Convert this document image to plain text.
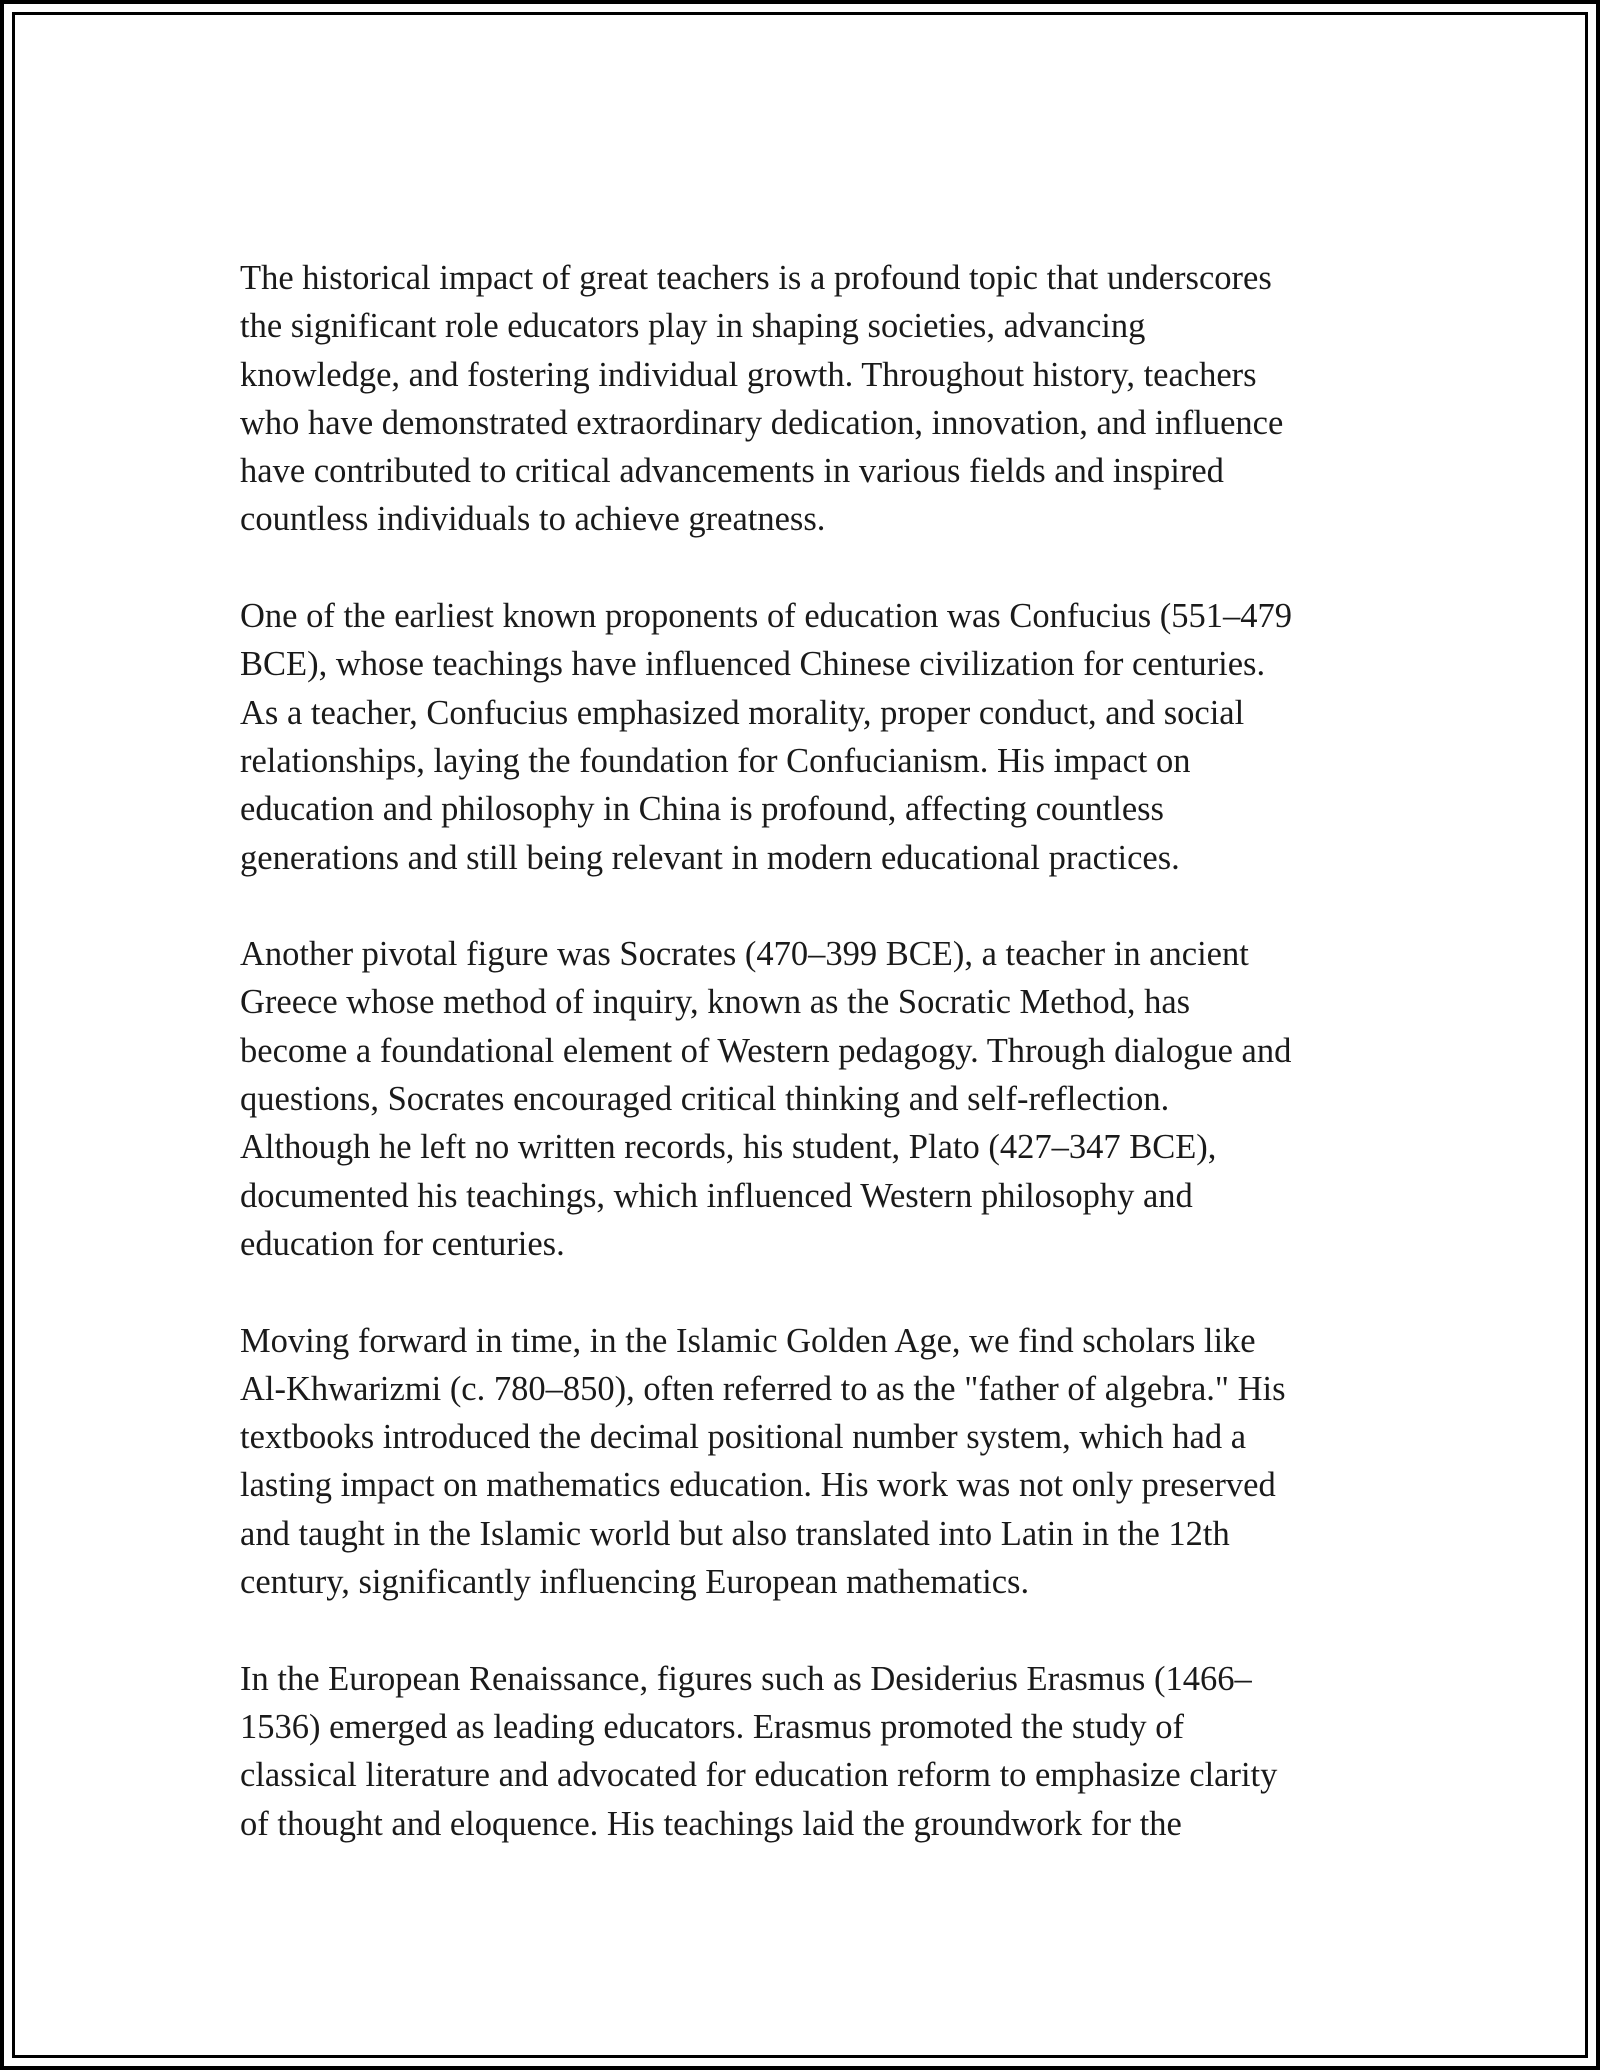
The historical impact of great teachers is a profound topic that underscores
the significant role educators play in shaping societies, advancing
knowledge, and fostering individual growth. Throughout history, teachers
who have demonstrated extraordinary dedication, innovation, and influence
have contributed to critical advancements in various fields and inspired
countless individuals to achieve greatness.

One of the earliest known proponents of education was Confucius (551–479
BCE), whose teachings have influenced Chinese civilization for centuries.
As a teacher, Confucius emphasized morality, proper conduct, and social
relationships, laying the foundation for Confucianism. His impact on
education and philosophy in China is profound, affecting countless
generations and still being relevant in modern educational practices.

Another pivotal figure was Socrates (470–399 BCE), a teacher in ancient
Greece whose method of inquiry, known as the Socratic Method, has
become a foundational element of Western pedagogy. Through dialogue and
questions, Socrates encouraged critical thinking and self-reflection.
Although he left no written records, his student, Plato (427–347 BCE),
documented his teachings, which influenced Western philosophy and
education for centuries.

Moving forward in time, in the Islamic Golden Age, we find scholars like
Al-Khwarizmi (c. 780–850), often referred to as the "father of algebra." His
textbooks introduced the decimal positional number system, which had a
lasting impact on mathematics education. His work was not only preserved
and taught in the Islamic world but also translated into Latin in the 12th
century, significantly influencing European mathematics.

In the European Renaissance, figures such as Desiderius Erasmus (1466–
1536) emerged as leading educators. Erasmus promoted the study of
classical literature and advocated for education reform to emphasize clarity
of thought and eloquence. His teachings laid the groundwork for the
